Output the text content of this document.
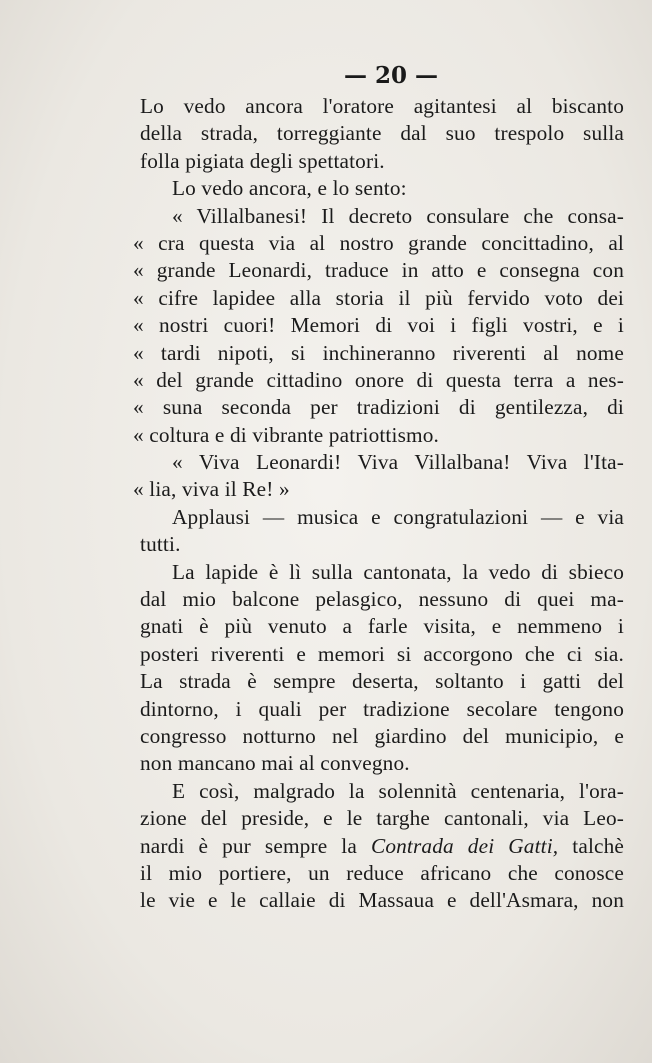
— 20 —
Lo vedo ancora l'oratore agitantesi al biscanto
della strada, torreggiante dal suo trespolo sulla
folla pigiata degli spettatori.
Lo vedo ancora, e lo sento:
« Villalbanesi! Il decreto consulare che consa-
« cra questa via al nostro grande concittadino, al
« grande Leonardi, traduce in atto e consegna con
« cifre lapidee alla storia il più fervido voto dei
« nostri cuori! Memori di voi i figli vostri, e i
« tardi nipoti, si inchineranno riverenti al nome
« del grande cittadino onore di questa terra a nes-
« suna seconda per tradizioni di gentilezza, di
« coltura e di vibrante patriottismo.
« Viva Leonardi! Viva Villalbana! Viva l'Ita-
« lia, viva il Re! »
Applausi — musica e congratulazioni — e via
tutti.
La lapide è lì sulla cantonata, la vedo di sbieco
dal mio balcone pelasgico, nessuno di quei ma-
gnati è più venuto a farle visita, e nemmeno i
posteri riverenti e memori si accorgono che ci sia.
La strada è sempre deserta, soltanto i gatti del
dintorno, i quali per tradizione secolare tengono
congresso notturno nel giardino del municipio, e
non mancano mai al convegno.
E così, malgrado la solennità centenaria, l'ora-
zione del preside, e le targhe cantonali, via Leo-
nardi è pur sempre la Contrada dei Gatti, talchè
il mio portiere, un reduce africano che conosce
le vie e le callaie di Massaua e dell'Asmara, non
